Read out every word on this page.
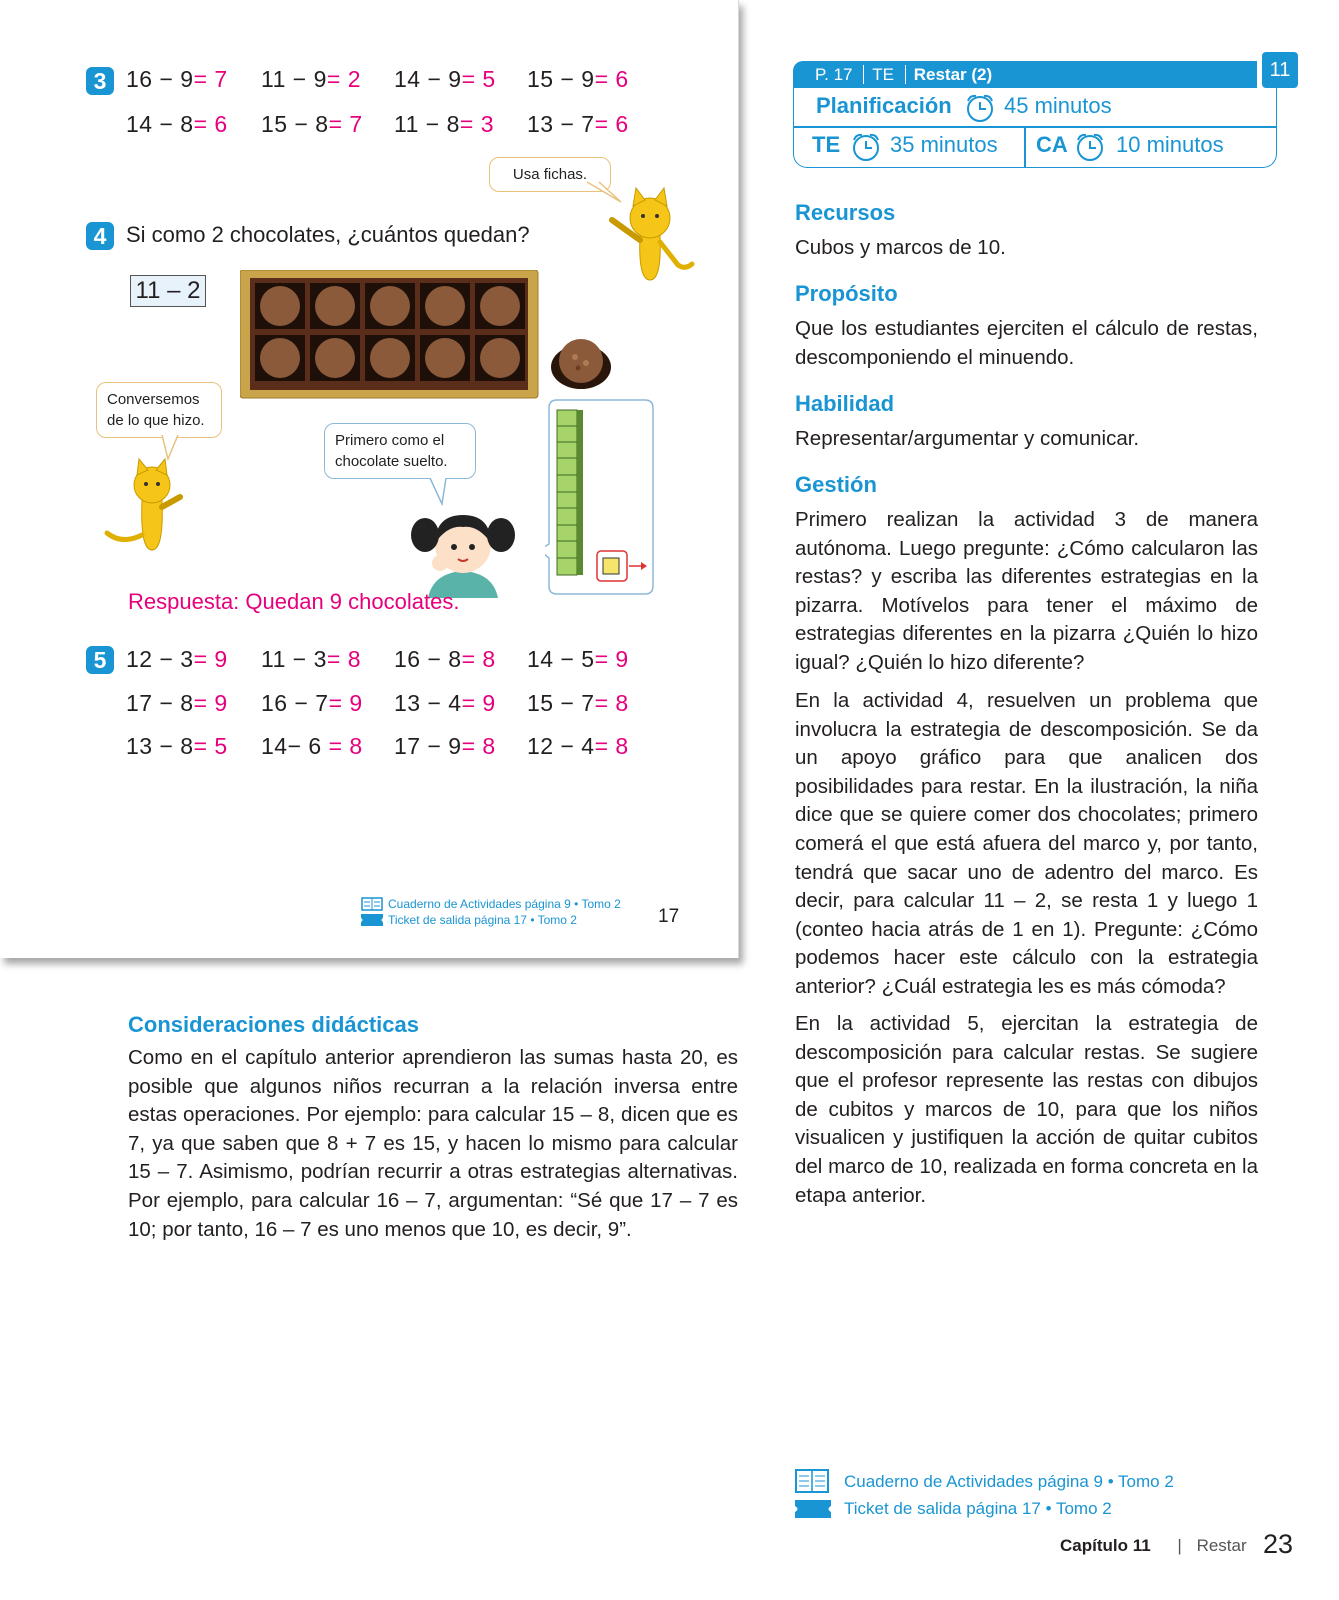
3 16 − 9= 7 11 − 9= 2 14 − 9= 5 15 − 9= 6
14 − 8= 6 15 − 8= 7 11 − 8= 3 13 − 7= 6
Usa fichas.
4 Si como 2 chocolates, ¿cuántos quedan?
11 – 2
Conversemos de lo que hizo.
Primero como el chocolate suelto.
Respuesta: Quedan 9 chocolates.
5 12 − 3= 9 11 − 3= 8 16 − 8= 8 14 − 5= 9
17 − 8= 9 16 − 7= 9 13 − 4= 9 15 − 7= 8
13 − 8= 5 14− 6 = 8 17 − 9= 8 12 − 4= 8
Cuaderno de Actividades página 9 • Tomo 2
Ticket de salida página 17 • Tomo 2	17
Consideraciones didácticas
Como en el capítulo anterior aprendieron las sumas hasta 20, es posible que algunos niños recurran a la relación inversa entre estas operaciones. Por ejemplo: para calcular 15 – 8, dicen que es 7, ya que saben que 8 + 7 es 15, y hacen lo mismo para calcular 15 – 7. Asimismo, podrían recurrir a otras estrategias alternativas. Por ejemplo, para calcular 16 – 7, argumentan: “Sé que 17 – 7 es 10; por tanto, 16 – 7 es uno menos que 10, es decir, 9”.
P. 17 TE Restar (2)	11
Planificación 45 minutos
TE 35 minutos CA 10 minutos
Recursos
Cubos y marcos de 10.
Propósito
Que los estudiantes ejerciten el cálculo de restas, descomponiendo el minuendo.
Habilidad
Representar/argumentar y comunicar.
Gestión
Primero realizan la actividad 3 de manera autónoma. Luego pregunte: ¿Cómo calcularon las restas? y escriba las diferentes estrategias en la pizarra. Motívelos para tener el máximo de estrategias diferentes en la pizarra ¿Quién lo hizo igual? ¿Quién lo hizo diferente?
En la actividad 4, resuelven un problema que involucra la estrategia de descomposición. Se da un apoyo gráfico para que analicen dos posibilidades para restar. En la ilustración, la niña dice que se quiere comer dos chocolates; primero comerá el que está afuera del marco y, por tanto, tendrá que sacar uno de adentro del marco. Es decir, para calcular 11 – 2, se resta 1 y luego 1 (conteo hacia atrás de 1 en 1). Pregunte: ¿Cómo podemos hacer este cálculo con la estrategia anterior? ¿Cuál estrategia les es más cómoda?
En la actividad 5, ejercitan la estrategia de descomposición para calcular restas. Se sugiere que el profesor represente las restas con dibujos de cubitos y marcos de 10, para que los niños visualicen y justifiquen la acción de quitar cubitos del marco de 10, realizada en forma concreta en la etapa anterior.
Cuaderno de Actividades página 9 • Tomo 2
Ticket de salida página 17 • Tomo 2
Capítulo 11 | Restar 23
